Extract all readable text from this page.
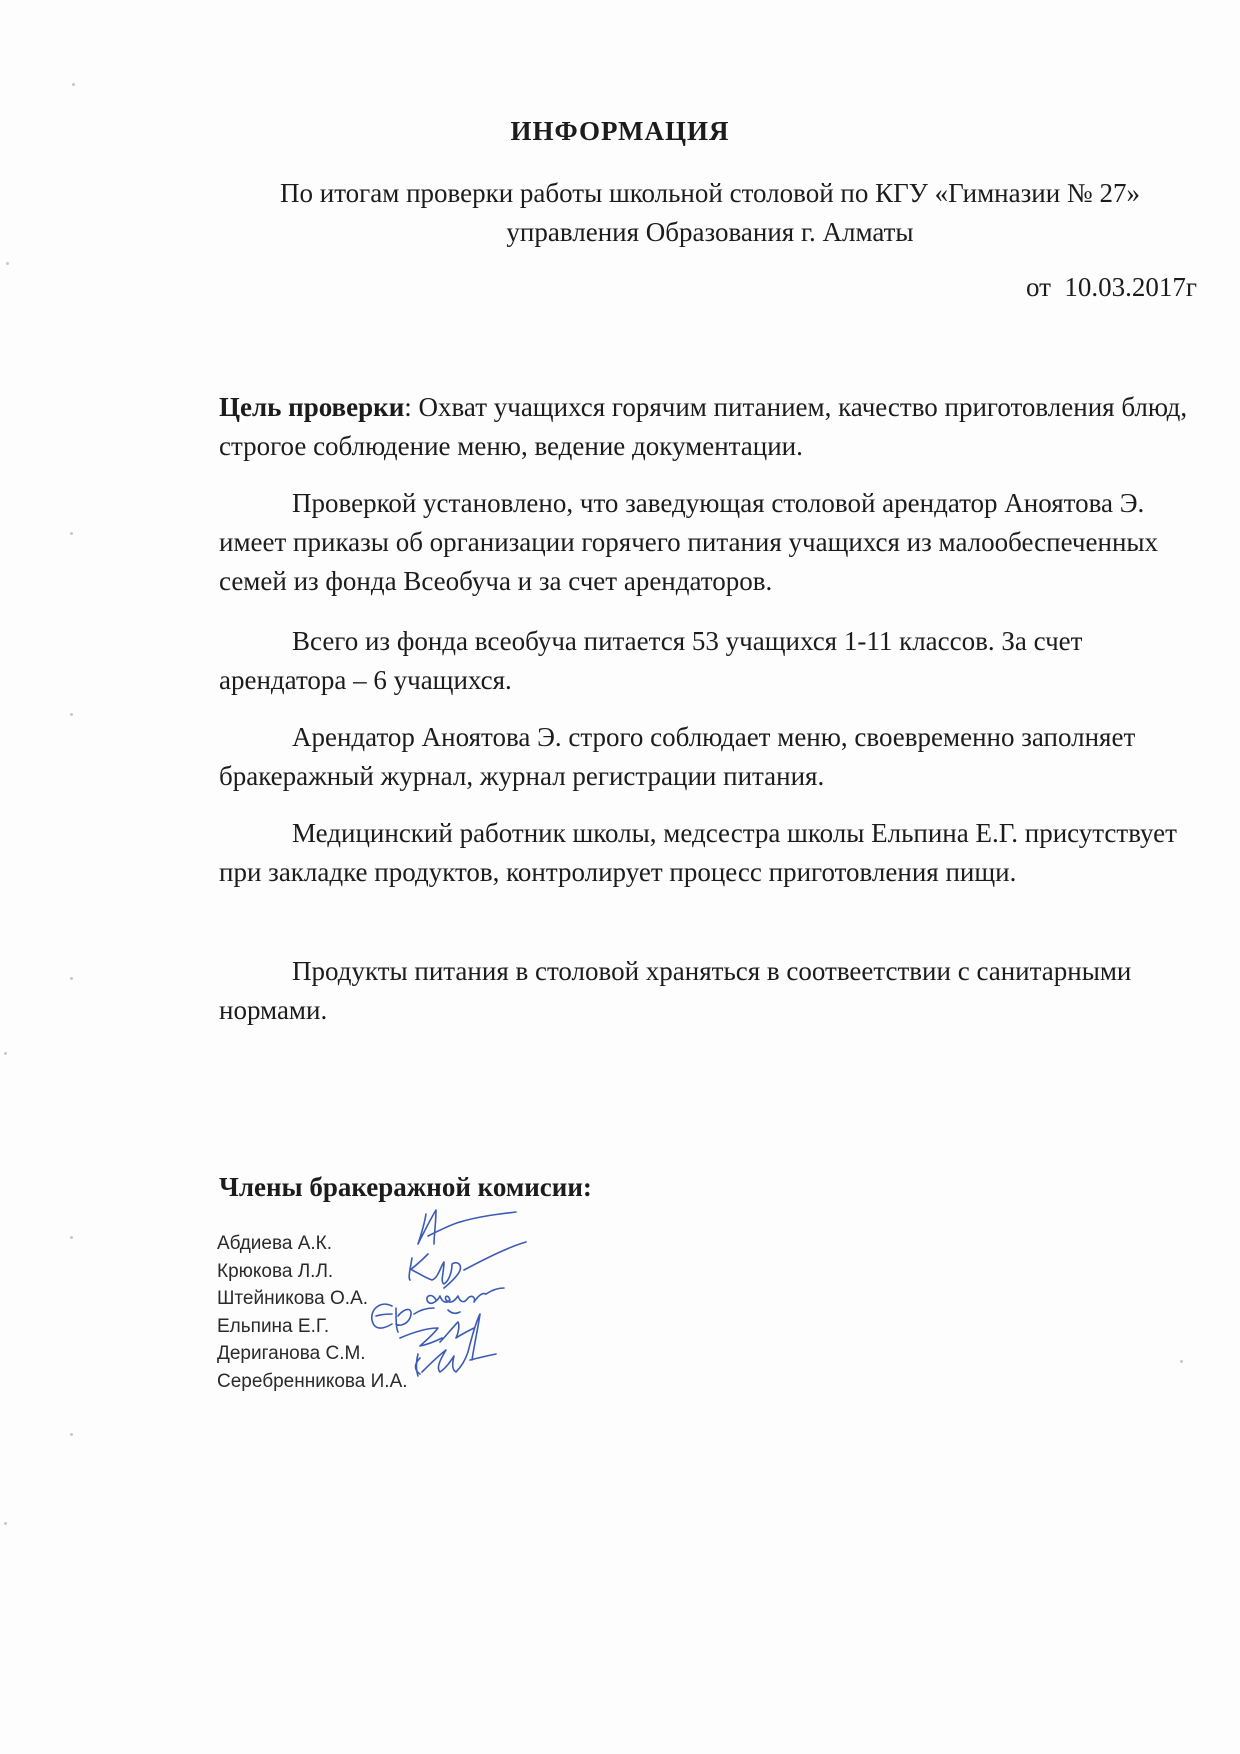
ИНФОРМАЦИЯ
По итогам проверки работы школьной столовой по КГУ «Гимназии № 27»
управления Образования г. Алматы
от  10.03.2017г

Цель проверки: Охват учащихся горячим питанием, качество приготовления блюд, строгое соблюдение меню, ведение документации.

Проверкой установлено, что заведующая столовой арендатор Аноятова Э. имеет приказы об организации горячего питания учащихся из малообеспеченных семей из фонда Всеобуча и за счет арендаторов.

Всего из фонда всеобуча питается 53 учащихся 1-11 классов. За счет арендатора – 6 учащихся.

Арендатор Аноятова Э. строго соблюдает меню, своевременно заполняет бракеражный журнал, журнал регистрации питания.

Медицинский работник школы, медсестра школы Ельпина Е.Г. присутствует при закладке продуктов, контролирует процесс приготовления пищи.

Продукты питания в столовой храняться в соотвеетствии с санитарными нормами.

Члены бракеражной комисии:
Абдиева А.К.
Крюкова Л.Л.
Штейникова О.А.
Ельпина Е.Г.
Дериганова С.М.
Серебренникова И.А.
